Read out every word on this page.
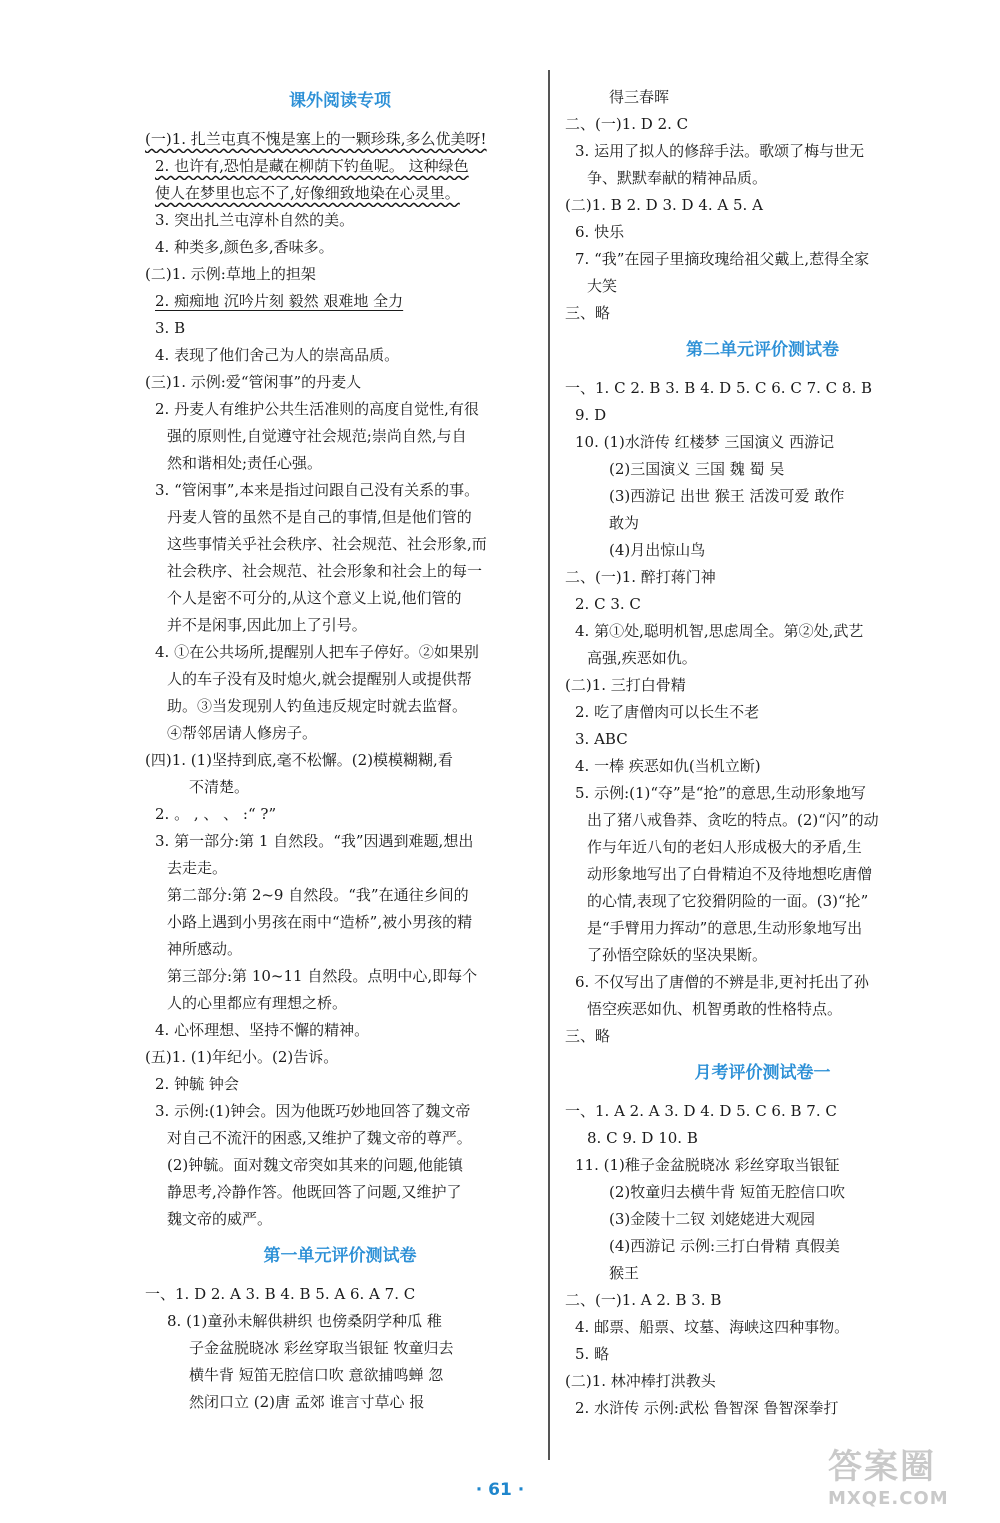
课外阅读专项
(一)1. 扎兰屯真不愧是塞上的一颗珍珠,多么优美呀!
2. 也许有,恐怕是藏在柳荫下钓鱼呢。 这种绿色
使人在梦里也忘不了,好像细致地染在心灵里。
3. 突出扎兰屯淳朴自然的美。
4. 种类多,颜色多,香味多。
(二)1. 示例:草地上的担架
2. 痴痴地 沉吟片刻 毅然 艰难地 全力
3. B
4. 表现了他们舍己为人的崇高品质。
(三)1. 示例:爱“管闲事”的丹麦人
2. 丹麦人有维护公共生活准则的高度自觉性,有很
强的原则性,自觉遵守社会规范;崇尚自然,与自
然和谐相处;责任心强。
3. “管闲事”,本来是指过问跟自己没有关系的事。
丹麦人管的虽然不是自己的事情,但是他们管的
这些事情关乎社会秩序、社会规范、社会形象,而
社会秩序、社会规范、社会形象和社会上的每一
个人是密不可分的,从这个意义上说,他们管的
并不是闲事,因此加上了引号。
4. ①在公共场所,提醒别人把车子停好。②如果别
人的车子没有及时熄火,就会提醒别人或提供帮
助。③当发现别人钓鱼违反规定时就去监督。
④帮邻居请人修房子。
(四)1. (1)坚持到底,毫不松懈。(2)模模糊糊,看
不清楚。
2. 。 , 、 、 :“ ?”
3. 第一部分:第 1 自然段。“我”因遇到难题,想出
去走走。
第二部分:第 2~9 自然段。“我”在通往乡间的
小路上遇到小男孩在雨中“造桥”,被小男孩的精
神所感动。
第三部分:第 10~11 自然段。点明中心,即每个
人的心里都应有理想之桥。
4. 心怀理想、坚持不懈的精神。
(五)1. (1)年纪小。(2)告诉。
2. 钟毓 钟会
3. 示例:(1)钟会。因为他既巧妙地回答了魏文帝
对自己不流汗的困惑,又维护了魏文帝的尊严。
(2)钟毓。面对魏文帝突如其来的问题,他能镇
静思考,冷静作答。他既回答了问题,又维护了
魏文帝的威严。
第一单元评价测试卷
一、1. D 2. A 3. B 4. B 5. A 6. A 7. C
8. (1)童孙未解供耕织 也傍桑阴学种瓜 稚
子金盆脱晓冰 彩丝穿取当银钲 牧童归去
横牛背 短笛无腔信口吹 意欲捕鸣蝉 忽
然闭口立 (2)唐 孟郊 谁言寸草心 报
得三春晖
二、(一)1. D 2. C
3. 运用了拟人的修辞手法。歌颂了梅与世无
争、默默奉献的精神品质。
(二)1. B 2. D 3. D 4. A 5. A
6. 快乐
7. “我”在园子里摘玫瑰给祖父戴上,惹得全家
大笑
三、略
第二单元评价测试卷
一、1. C 2. B 3. B 4. D 5. C 6. C 7. C 8. B
9. D
10. (1)水浒传 红楼梦 三国演义 西游记
(2)三国演义 三国 魏 蜀 吴
(3)西游记 出世 猴王 活泼可爱 敢作
敢为
(4)月出惊山鸟
二、(一)1. 醉打蒋门神
2. C 3. C
4. 第①处,聪明机智,思虑周全。第②处,武艺
高强,疾恶如仇。
(二)1. 三打白骨精
2. 吃了唐僧肉可以长生不老
3. ABC
4. 一棒 疾恶如仇(当机立断)
5. 示例:(1)“夺”是“抢”的意思,生动形象地写
出了猪八戒鲁莽、贪吃的特点。(2)“闪”的动
作与年近八旬的老妇人形成极大的矛盾,生
动形象地写出了白骨精迫不及待地想吃唐僧
的心情,表现了它狡猾阴险的一面。(3)“抡”
是“手臂用力挥动”的意思,生动形象地写出
了孙悟空除妖的坚决果断。
6. 不仅写出了唐僧的不辨是非,更衬托出了孙
悟空疾恶如仇、机智勇敢的性格特点。
三、略
月考评价测试卷一
一、1. A 2. A 3. D 4. D 5. C 6. B 7. C
8. C 9. D 10. B
11. (1)稚子金盆脱晓冰 彩丝穿取当银钲
(2)牧童归去横牛背 短笛无腔信口吹
(3)金陵十二钗 刘姥姥进大观园
(4)西游记 示例:三打白骨精 真假美
猴王
二、(一)1. A 2. B 3. B
4. 邮票、船票、坟墓、海峡这四种事物。
5. 略
(二)1. 林冲棒打洪教头
2. 水浒传 示例:武松 鲁智深 鲁智深拳打
· 61 ·
答案圈
MXQE.COM
